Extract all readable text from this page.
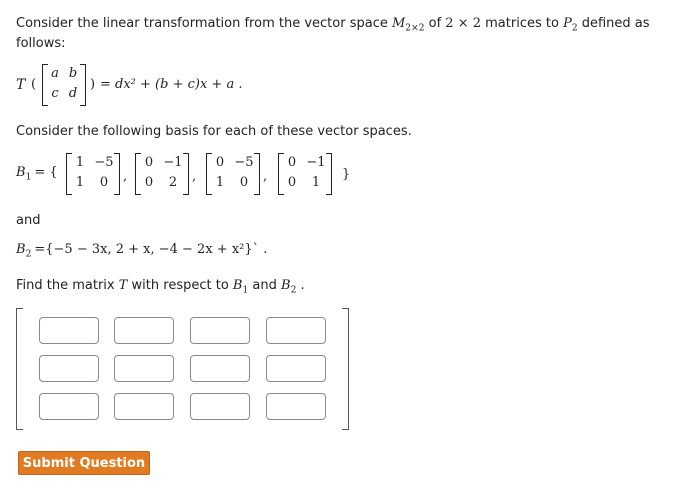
Consider the linear transformation from the vector space $M_{2\times 2}$ of 2 × 2 matrices to $P_2$ defined as
follows:
T (
a b
c d
) = dx² + (b + c)x + a .
Consider the following basis for each of these vector spaces.
$B_1$ = {
1 −5
1	0	,
0 −1
0	2	,
0 −5
1	0	,
0 −1
0	1
}
and
$B_2 =\{-5 - 3x$, 2 + x, −4 − 2x + x²}` .
Find the matrix T with respect to $B_1$ and $B_2$ .
Submit Question
